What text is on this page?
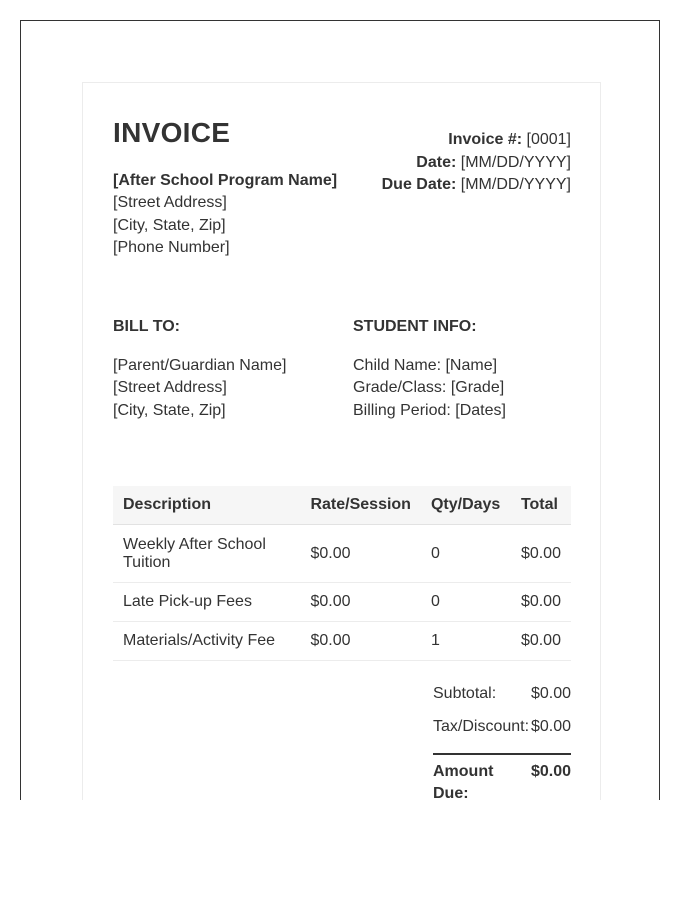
INVOICE
[After School Program Name]
[Street Address]
[City, State, Zip]
[Phone Number]
Invoice #: [0001]
Date: [MM/DD/YYYY]
Due Date: [MM/DD/YYYY]
BILL TO:
[Parent/Guardian Name]
[Street Address]
[City, State, Zip]
STUDENT INFO:
Child Name: [Name]
Grade/Class: [Grade]
Billing Period: [Dates]
Description	Rate/Session	Qty/Days	Total
Weekly After School Tuition	$0.00	0	$0.00
Late Pick-up Fees	$0.00	0	$0.00
Materials/Activity Fee	$0.00	1	$0.00
Subtotal: $0.00
Tax/Discount: $0.00
Amount Due:
$0.00
